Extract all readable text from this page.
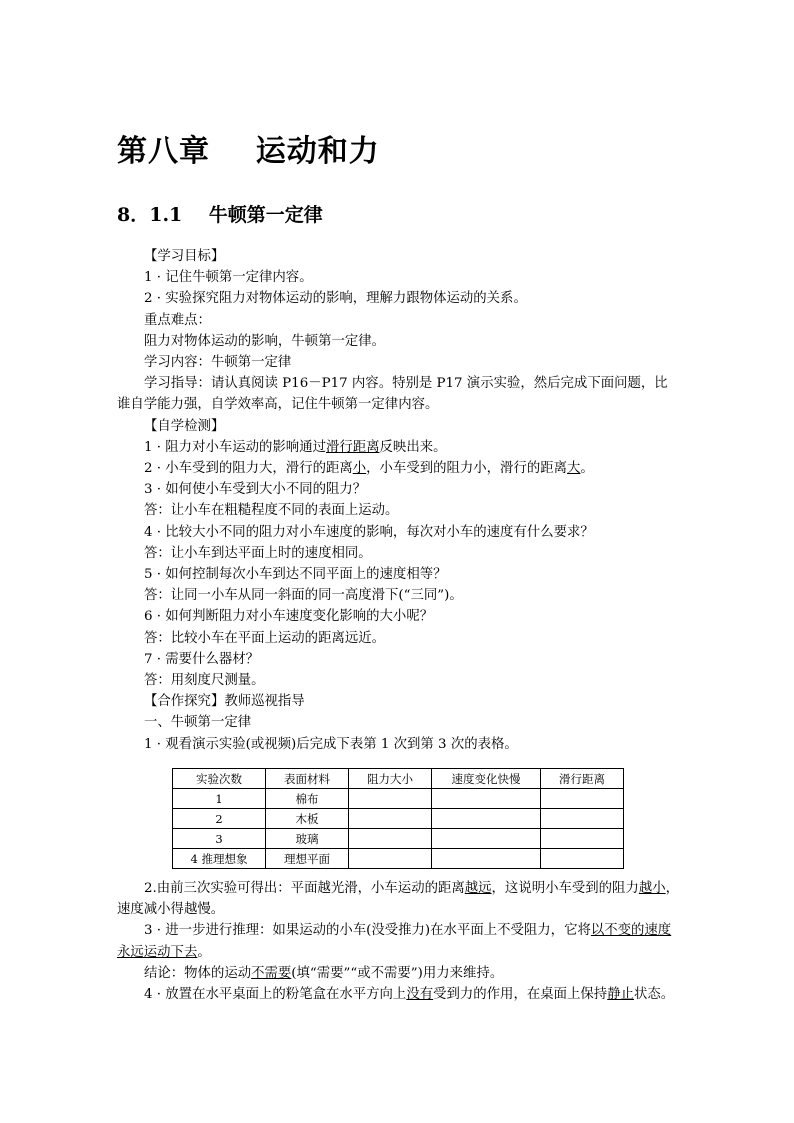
第八章    运动和力
8．1.1    牛顿第一定律

【学习目标】

1 · 记住牛顿第一定律内容。

2 · 实验探究阻力对物体运动的影响，理解力跟物体运动的关系。

重点难点：

阻力对物体运动的影响，牛顿第一定律。

学习内容：牛顿第一定律

学习指导：请认真阅读 P16－P17 内容。特别是 P17 演示实验，然后完成下面问题，比谁自学能力强，自学效率高，记住牛顿第一定律内容。

【自学检测】

1 · 阻力对小车运动的影响通过滑行距离反映出来。

2 · 小车受到的阻力大，滑行的距离小，小车受到的阻力小，滑行的距离大。

3 · 如何使小车受到大小不同的阻力？

答：让小车在粗糙程度不同的表面上运动。

4 · 比较大小不同的阻力对小车速度的影响，每次对小车的速度有什么要求？

答：让小车到达平面上时的速度相同。

5 · 如何控制每次小车到达不同平面上的速度相等？

答：让同一小车从同一斜面的同一高度滑下(“三同”)。

6 · 如何判断阻力对小车速度变化影响的大小呢？

答：比较小车在平面上运动的距离远近。

7 · 需要什么器材？

答：用刻度尺测量。

【合作探究】教师巡视指导

一、牛顿第一定律

1 · 观看演示实验(或视频)后完成下表第 1 次到第 3 次的表格。

实验次数	表面材料	阻力大小	速度变化快慢	滑行距离
1	棉布			
2	木板			
3	玻璃			
4 推理想象	理想平面			

2.由前三次实验可得出：平面越光滑，小车运动的距离越远，这说明小车受到的阻力越小，速度减小得越慢。

3 · 进一步进行推理：如果运动的小车(没受推力)在水平面上不受阻力，它将以不变的速度永远运动下去。

结论：物体的运动不需要(填“需要”“或不需要”)用力来维持。

4 · 放置在水平桌面上的粉笔盒在水平方向上没有受到力的作用，在桌面上保持静止状态。
